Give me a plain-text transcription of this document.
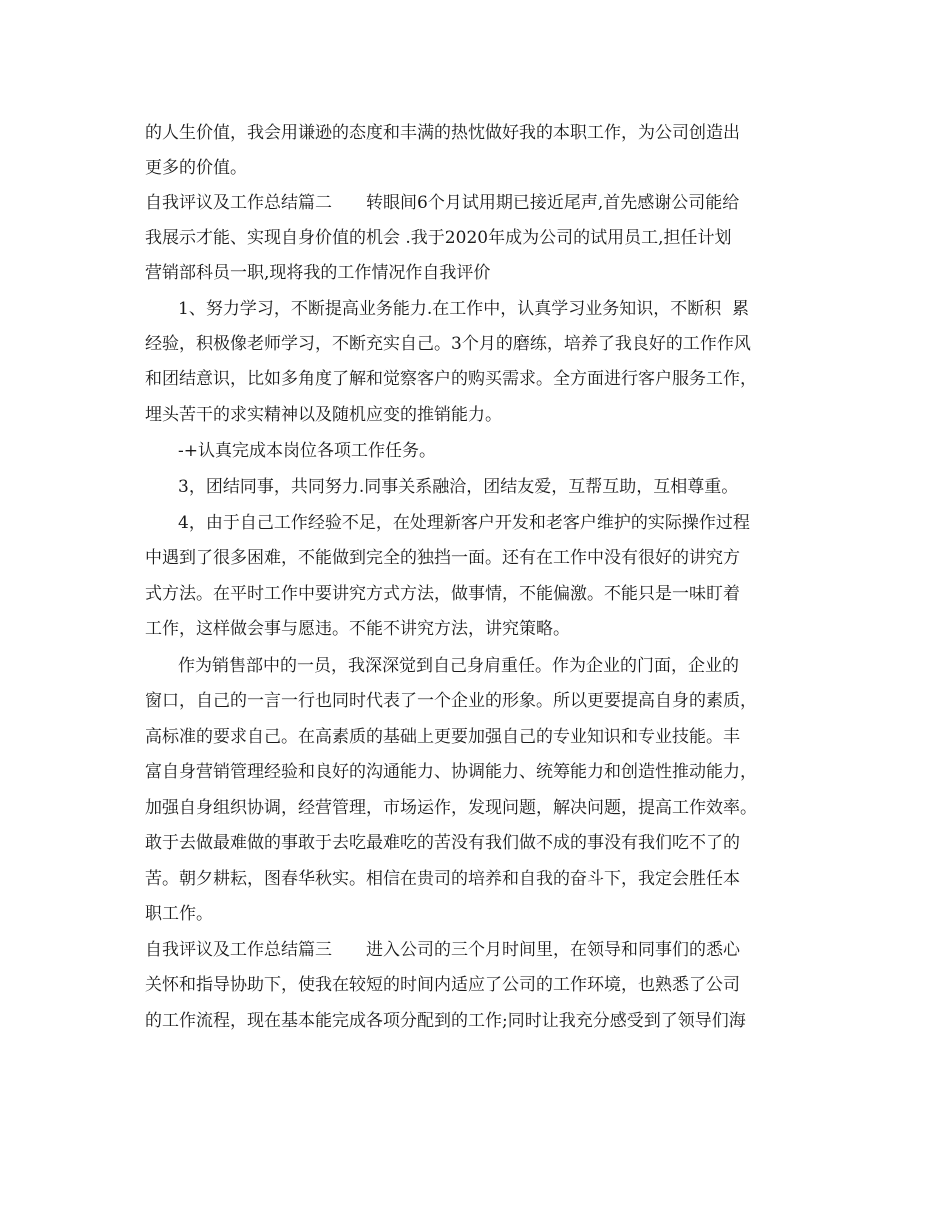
的人生价值，我会用谦逊的态度和丰满的热忱做好我的本职工作，为公司创造出

更多的价值。

自我评议及工作总结篇二　　转眼间6个月试用期已接近尾声,首先感谢公司能给

我展示才能、实现自身价值的机会 .我于2020年成为公司的试用员工,担任计划

营销部科员一职,现将我的工作情况作自我评价

1、努力学习，不断提高业务能力.在工作中，认真学习业务知识，不断积  累

经验，积极像老师学习，不断充实自己。3个月的磨练，培养了我良好的工作作风

和团结意识，比如多角度了解和觉察客户的购买需求。全方面进行客户服务工作，

埋头苦干的求实精神以及随机应变的推销能力。

-+认真完成本岗位各项工作任务。

3，团结同事，共同努力.同事关系融洽，团结友爱，互帮互助，互相尊重。

4，由于自己工作经验不足，在处理新客户开发和老客户维护的实际操作过程

中遇到了很多困难，不能做到完全的独挡一面。还有在工作中没有很好的讲究方

式方法。在平时工作中要讲究方式方法，做事情，不能偏激。不能只是一味盯着

工作，这样做会事与愿违。不能不讲究方法，讲究策略。

作为销售部中的一员，我深深觉到自己身肩重任。作为企业的门面，企业的

窗口，自己的一言一行也同时代表了一个企业的形象。所以更要提高自身的素质，

高标准的要求自己。在高素质的基础上更要加强自己的专业知识和专业技能。丰

富自身营销管理经验和良好的沟通能力、协调能力、统筹能力和创造性推动能力，

加强自身组织协调，经营管理，市场运作，发现问题，解决问题，提高工作效率。

敢于去做最难做的事敢于去吃最难吃的苦没有我们做不成的事没有我们吃不了的

苦。朝夕耕耘，图春华秋实。相信在贵司的培养和自我的奋斗下，我定会胜任本

职工作。

自我评议及工作总结篇三　　进入公司的三个月时间里，在领导和同事们的悉心

关怀和指导协助下，使我在较短的时间内适应了公司的工作环境，也熟悉了公司

的工作流程，现在基本能完成各项分配到的工作;同时让我充分感受到了领导们海
